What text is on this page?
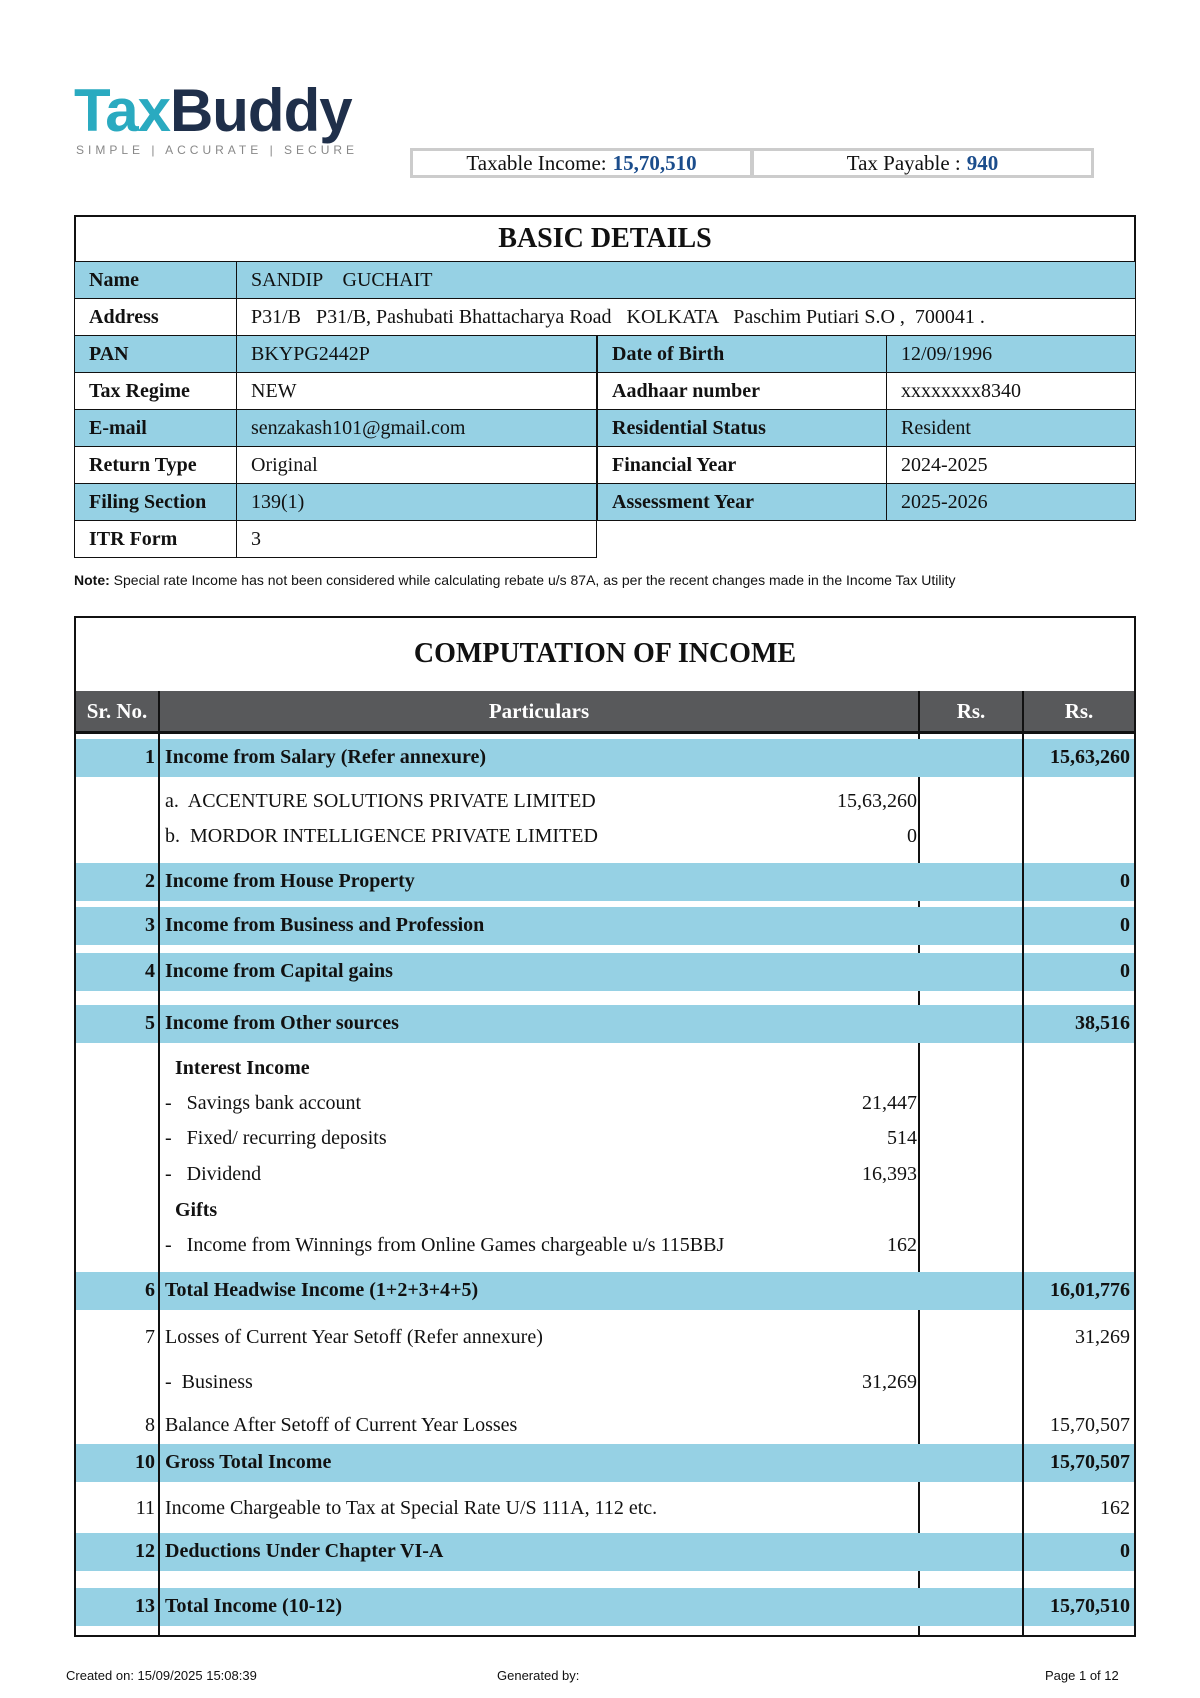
TaxBuddy
SIMPLE | ACCURATE | SECURE
Taxable Income: 15,70,510	Tax Payable : 940
BASIC DETAILS
Name	SANDIP    GUCHAIT
Address	P31/B   P31/B, Pashubati Bhattacharya Road   KOLKATA   Paschim Putiari S.O ,  700041 .
PAN	BKYPG2442P	Date of Birth	12/09/1996
Tax Regime	NEW	Aadhaar number	xxxxxxxx8340
E-mail	senzakash101@gmail.com	Residential Status	Resident
Return Type	Original	Financial Year	2024-2025
Filing Section	139(1)	Assessment Year	2025-2026
ITR Form	3
Note: Special rate Income has not been considered while calculating rebate u/s 87A, as per the recent changes made in the Income Tax Utility
COMPUTATION OF INCOME
Sr. No.	Particulars	Rs.	Rs.
1 Income from Salary (Refer annexure)	15,63,260
a.  ACCENTURE SOLUTIONS PRIVATE LIMITED	15,63,260
b.  MORDOR INTELLIGENCE PRIVATE LIMITED	0
2 Income from House Property	0
3 Income from Business and Profession	0
4 Income from Capital gains	0
5 Income from Other sources	38,516
Interest Income
-   Savings bank account	21,447
-   Fixed/ recurring deposits	514
-   Dividend	16,393
Gifts
-   Income from Winnings from Online Games chargeable u/s 115BBJ	162
6 Total Headwise Income (1+2+3+4+5)	16,01,776
7 Losses of Current Year Setoff (Refer annexure)	31,269
-  Business	31,269
8 Balance After Setoff of Current Year Losses	15,70,507
10 Gross Total Income	15,70,507
11 Income Chargeable to Tax at Special Rate U/S 111A, 112 etc.	162
12 Deductions Under Chapter VI-A	0
13 Total Income (10-12)	15,70,510
Created on: 15/09/2025 15:08:39	Generated by:	Page 1 of 12
